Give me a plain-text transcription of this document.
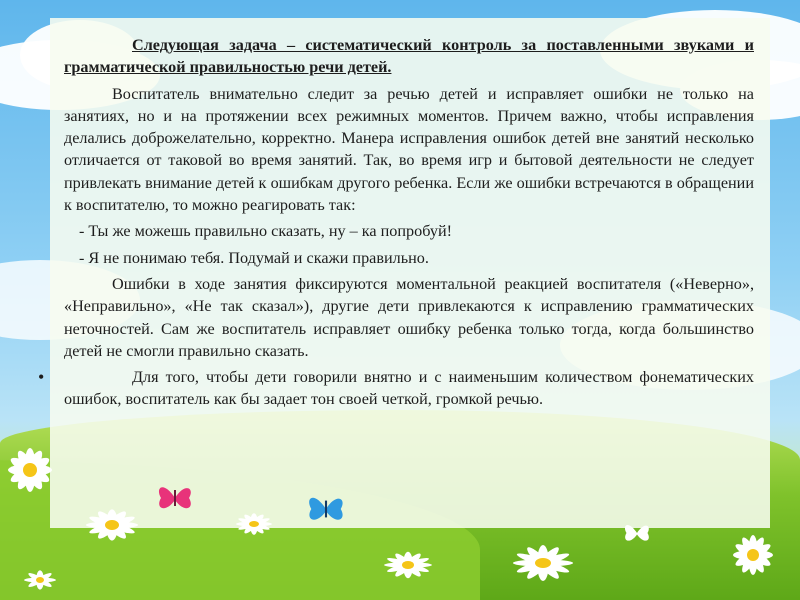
Следующая задача – систематический контроль за поставленными звуками и грамматической правильностью речи детей.

Воспитатель внимательно следит за речью детей и исправляет ошибки не только на занятиях, но и на протяжении всех режимных моментов. Причем важно, чтобы исправления делались доброжелательно, корректно. Манера исправления ошибок детей вне занятий несколько отличается от таковой во время занятий. Так, во время игр и бытовой деятельности не следует привлекать внимание детей к ошибкам другого ребенка. Если же ошибки встречаются в обращении к воспитателю, то можно реагировать так:

- Ты же можешь правильно сказать, ну – ка попробуй!

- Я не понимаю тебя. Подумай и скажи правильно.

Ошибки в ходе занятия фиксируются моментальной реакцией воспитателя («Неверно», «Неправильно», «Не так сказал»), другие дети привлекаются к исправлению грамматических неточностей. Сам же воспитатель исправляет ошибку ребенка только тогда, когда большинство детей не смогли правильно сказать.

•	Для того, чтобы дети говорили внятно и с наименьшим количеством фонематических ошибок, воспитатель как бы задает тон своей четкой, громкой речью.
